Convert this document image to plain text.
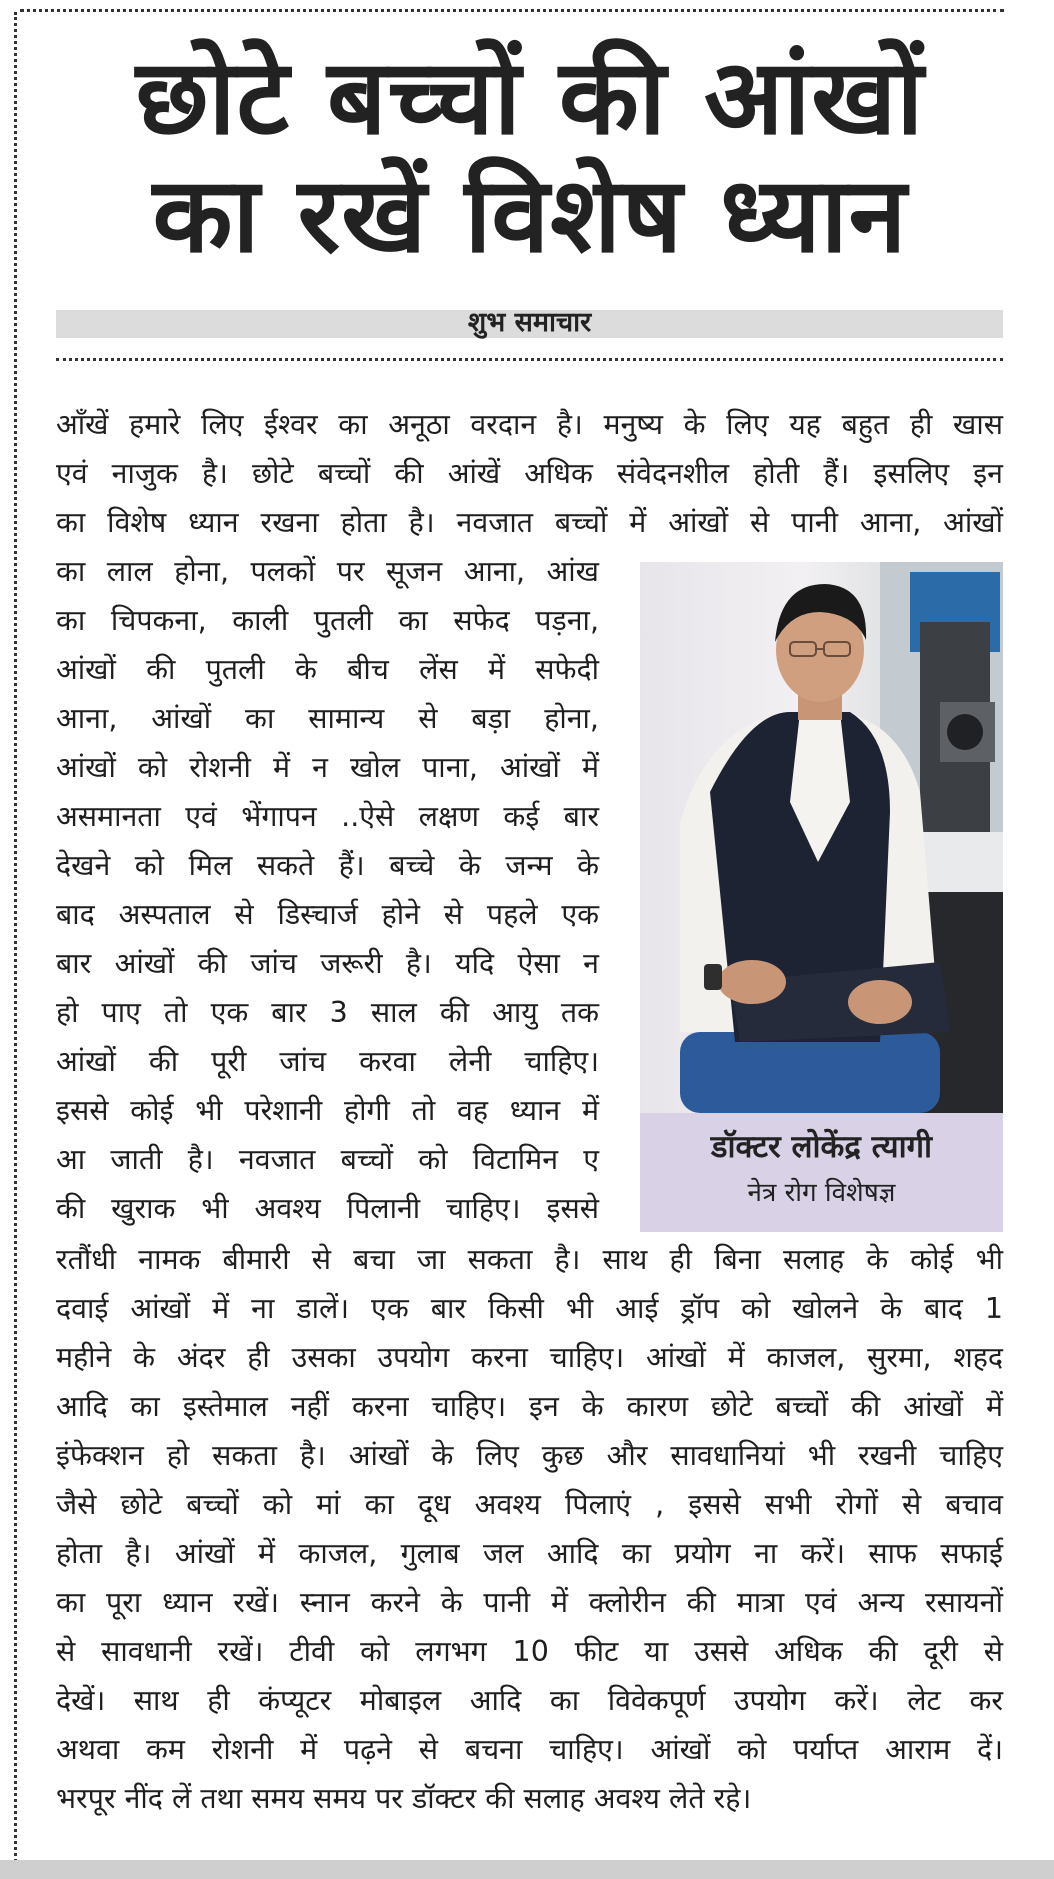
छोटे बच्चों की आंखों
का रखें विशेष ध्यान
शुभ समाचार
आँखें हमारे लिए ईश्वर का अनूठा वरदान है। मनुष्य के लिए यह बहुत ही खास
एवं नाजुक है। छोटे बच्चों की आंखें अधिक संवेदनशील होती हैं। इसलिए इन
का विशेष ध्यान रखना होता है। नवजात बच्चों में आंखों से पानी आना, आंखों
का लाल होना, पलकों पर सूजन आना, आंख
का चिपकना, काली पुतली का सफेद पड़ना,
आंखों की पुतली के बीच लेंस में सफेदी
आना, आंखों का सामान्य से बड़ा होना,
आंखों को रोशनी में न खोल पाना, आंखों में
असमानता एवं भेंगापन ..ऐसे लक्षण कई बार
देखने को मिल सकते हैं। बच्चे के जन्म के
बाद अस्पताल से डिस्चार्ज होने से पहले एक
बार आंखों की जांच जरूरी है। यदि ऐसा न
हो पाए तो एक बार 3 साल की आयु तक
आंखों की पूरी जांच करवा लेनी चाहिए।
इससे कोई भी परेशानी होगी तो वह ध्यान में
आ जाती है। नवजात बच्चों को विटामिन ए
की खुराक भी अवश्य पिलानी चाहिए। इससे
डॉक्टर लोकेंद्र त्यागी
नेत्र रोग विशेषज्ञ
रतौंधी नामक बीमारी से बचा जा सकता है। साथ ही बिना सलाह के कोई भी
दवाई आंखों में ना डालें। एक बार किसी भी आई ड्रॉप को खोलने के बाद 1
महीने के अंदर ही उसका उपयोग करना चाहिए। आंखों में काजल, सुरमा, शहद
आदि का इस्तेमाल नहीं करना चाहिए। इन के कारण छोटे बच्चों की आंखों में
इंफेक्शन हो सकता है। आंखों के लिए कुछ और सावधानियां भी रखनी चाहिए
जैसे छोटे बच्चों को मां का दूध अवश्य पिलाएं , इससे सभी रोगों से बचाव
होता है। आंखों में काजल, गुलाब जल आदि का प्रयोग ना करें। साफ सफाई
का पूरा ध्यान रखें। स्नान करने के पानी में क्लोरीन की मात्रा एवं अन्य रसायनों
से सावधानी रखें। टीवी को लगभग 10 फीट या उससे अधिक की दूरी से
देखें। साथ ही कंप्यूटर मोबाइल आदि का विवेकपूर्ण उपयोग करें। लेट कर
अथवा कम रोशनी में पढ़ने से बचना चाहिए। आंखों को पर्याप्त आराम दें।
भरपूर नींद लें तथा समय समय पर डॉक्टर की सलाह अवश्य लेते रहे।
